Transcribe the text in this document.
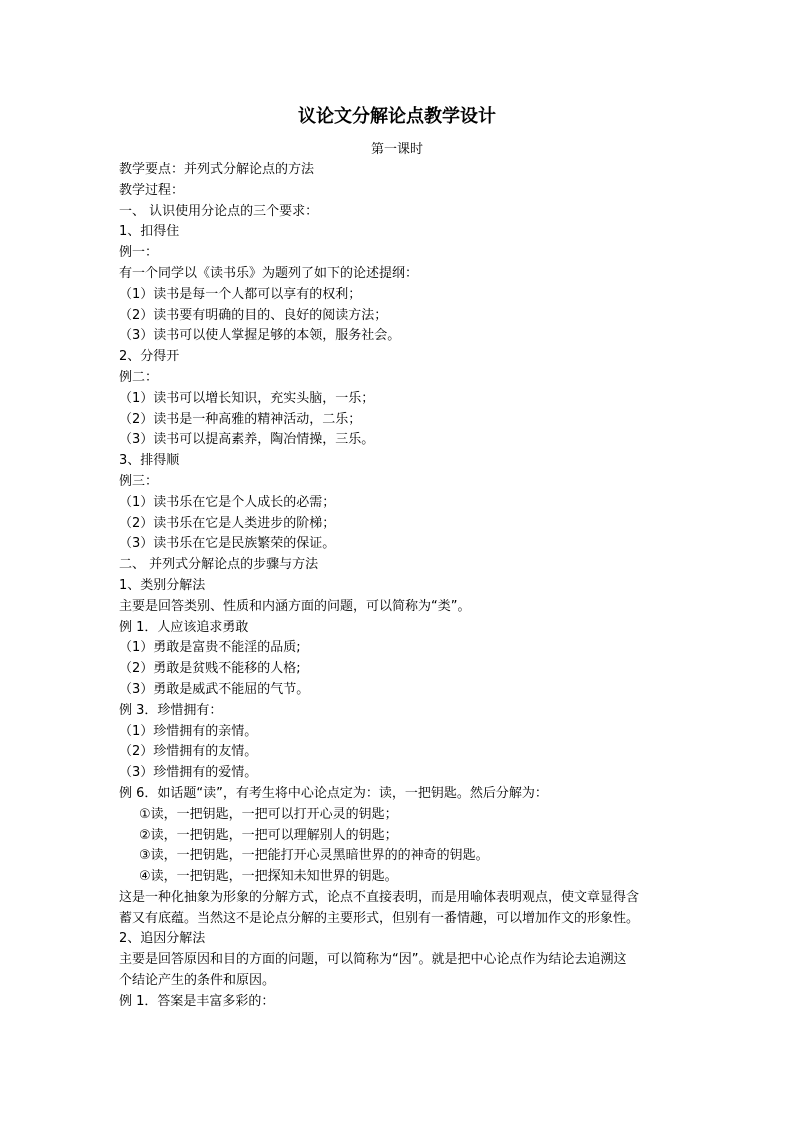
议论文分解论点教学设计
第一课时
教学要点：并列式分解论点的方法
教学过程：
一、 认识使用分论点的三个要求：
1、扣得住
例一：
有一个同学以《读书乐》为题列了如下的论述提纲：
（1）读书是每一个人都可以享有的权利；
（2）读书要有明确的目的、良好的阅读方法；
（3）读书可以使人掌握足够的本领，服务社会。
2、分得开
例二：
（1）读书可以增长知识，充实头脑，一乐；
（2）读书是一种高雅的精神活动，二乐；
（3）读书可以提高素养，陶冶情操，三乐。
3、排得顺
例三：
（1）读书乐在它是个人成长的必需；
（2）读书乐在它是人类进步的阶梯；
（3）读书乐在它是民族繁荣的保证。
二、 并列式分解论点的步骤与方法
1、类别分解法
主要是回答类别、性质和内涵方面的问题，可以简称为“类”。
例 1．人应该追求勇敢
（1）勇敢是富贵不能淫的品质;
（2）勇敢是贫贱不能移的人格;
（3）勇敢是威武不能屈的气节。
例 3．珍惜拥有：
（1）珍惜拥有的亲情。
（2）珍惜拥有的友情。
（3）珍惜拥有的爱情。
例 6．如话题“读”，有考生将中心论点定为：读，一把钥匙。然后分解为：
①读，一把钥匙，一把可以打开心灵的钥匙；
②读，一把钥匙，一把可以理解别人的钥匙；
③读，一把钥匙，一把能打开心灵黑暗世界的的神奇的钥匙。
④读，一把钥匙，一把探知未知世界的钥匙。
这是一种化抽象为形象的分解方式，论点不直接表明，而是用喻体表明观点，使文章显得含
蓄又有底蕴。当然这不是论点分解的主要形式，但别有一番情趣，可以增加作文的形象性。
2、追因分解法
主要是回答原因和目的方面的问题，可以简称为“因”。就是把中心论点作为结论去追溯这
个结论产生的条件和原因。
例 1．答案是丰富多彩的：
